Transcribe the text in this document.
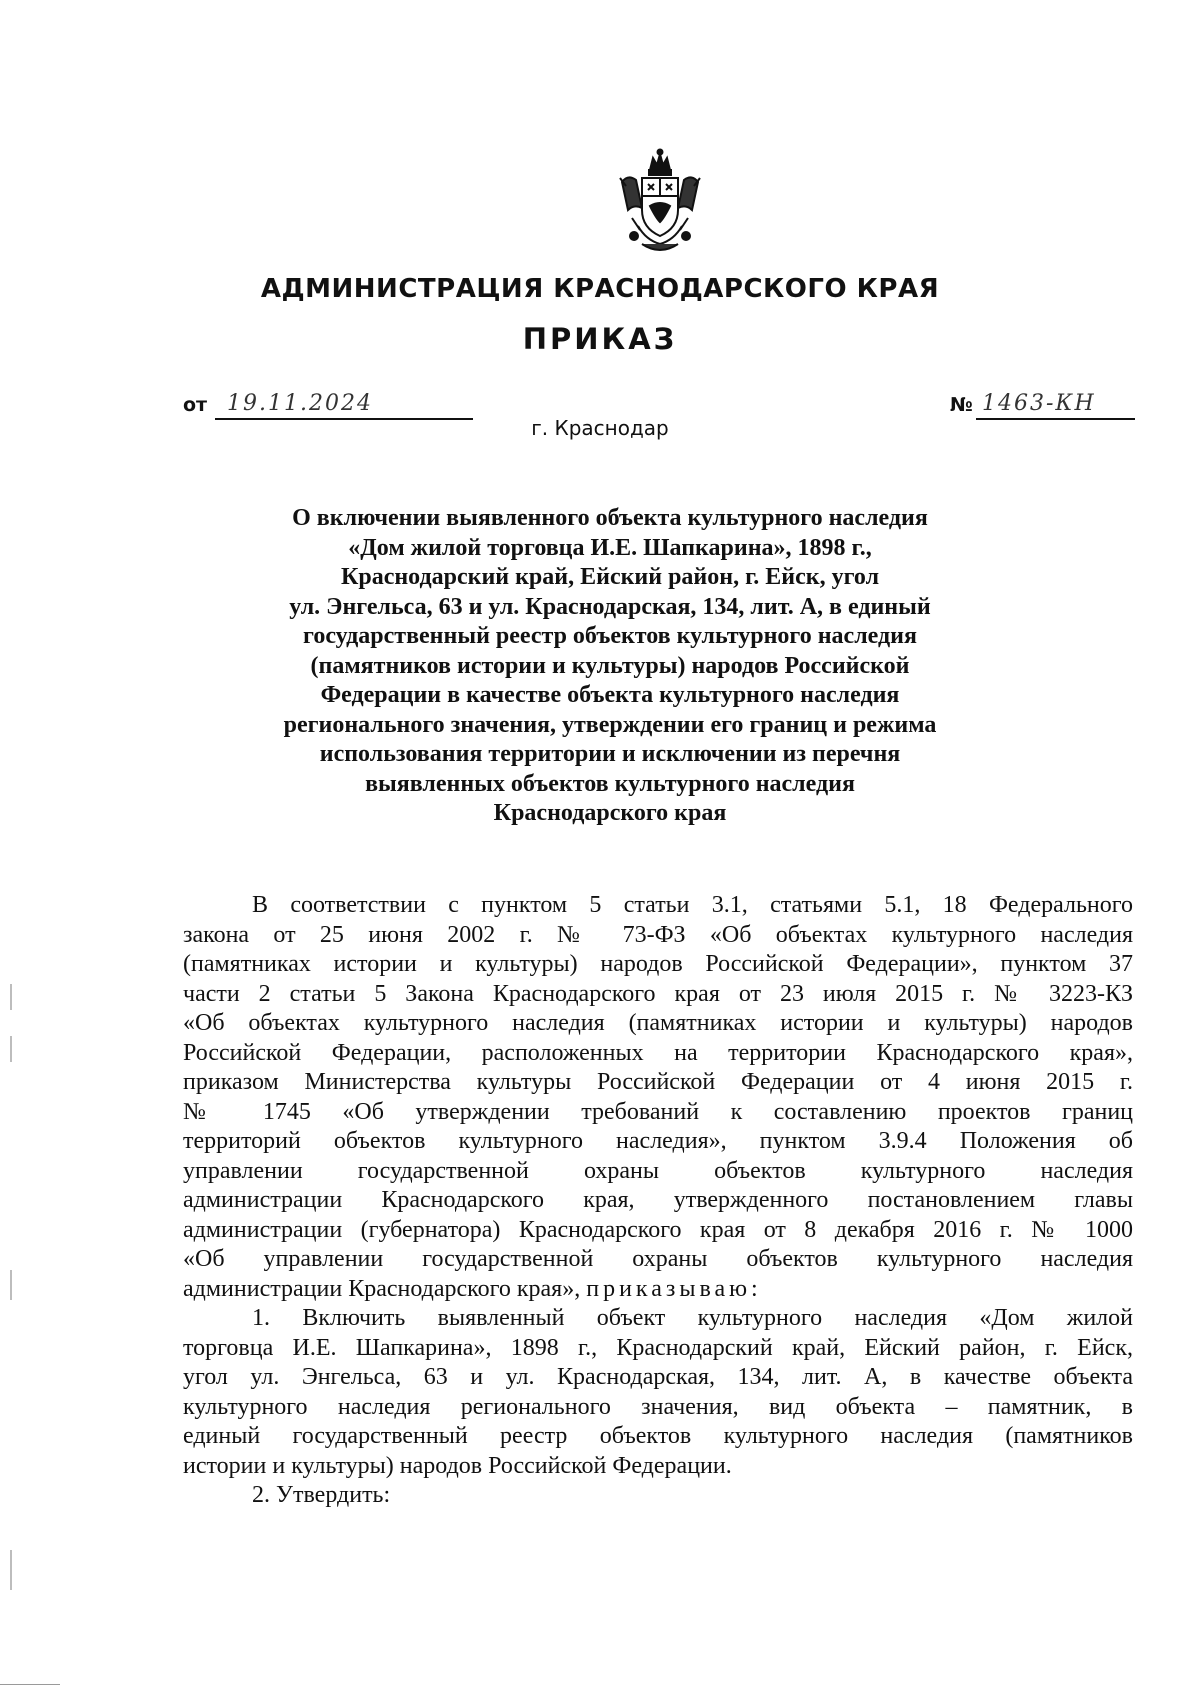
АДМИНИСТРАЦИЯ КРАСНОДАРСКОГО КРАЯ
ПРИКАЗ
от 19.11.2024	№ 1463-КН
г. Краснодар
О включении выявленного объекта культурного наследия
«Дом жилой торговца И.Е. Шапкарина», 1898 г.,
Краснодарский край, Ейский район, г. Ейск, угол
ул. Энгельса, 63 и ул. Краснодарская, 134, лит. А, в единый
государственный реестр объектов культурного наследия
(памятников истории и культуры) народов Российской
Федерации в качестве объекта культурного наследия
регионального значения, утверждении его границ и режима
использования территории и исключении из перечня
выявленных объектов культурного наследия
Краснодарского края
В соответствии с пунктом 5 статьи 3.1, статьями 5.1, 18 Федерального
закона от 25 июня 2002 г. № 73-ФЗ «Об объектах культурного наследия
(памятниках истории и культуры) народов Российской Федерации», пунктом 37
части 2 статьи 5 Закона Краснодарского края от 23 июля 2015 г. № 3223-КЗ
«Об объектах культурного наследия (памятниках истории и культуры) народов
Российской Федерации, расположенных на территории Краснодарского края»,
приказом Министерства культуры Российской Федерации от 4 июня 2015 г.
№ 1745 «Об утверждении требований к составлению проектов границ
территорий объектов культурного наследия», пунктом 3.9.4 Положения об
управлении государственной охраны объектов культурного наследия
администрации Краснодарского края, утвержденного постановлением главы
администрации (губернатора) Краснодарского края от 8 декабря 2016 г. № 1000
«Об управлении государственной охраны объектов культурного наследия
администрации Краснодарского края», приказываю:
1. Включить выявленный объект культурного наследия «Дом жилой
торговца И.Е. Шапкарина», 1898 г., Краснодарский край, Ейский район, г. Ейск,
угол ул. Энгельса, 63 и ул. Краснодарская, 134, лит. А, в качестве объекта
культурного наследия регионального значения, вид объекта – памятник, в
единый государственный реестр объектов культурного наследия (памятников
истории и культуры) народов Российской Федерации.
2. Утвердить:
